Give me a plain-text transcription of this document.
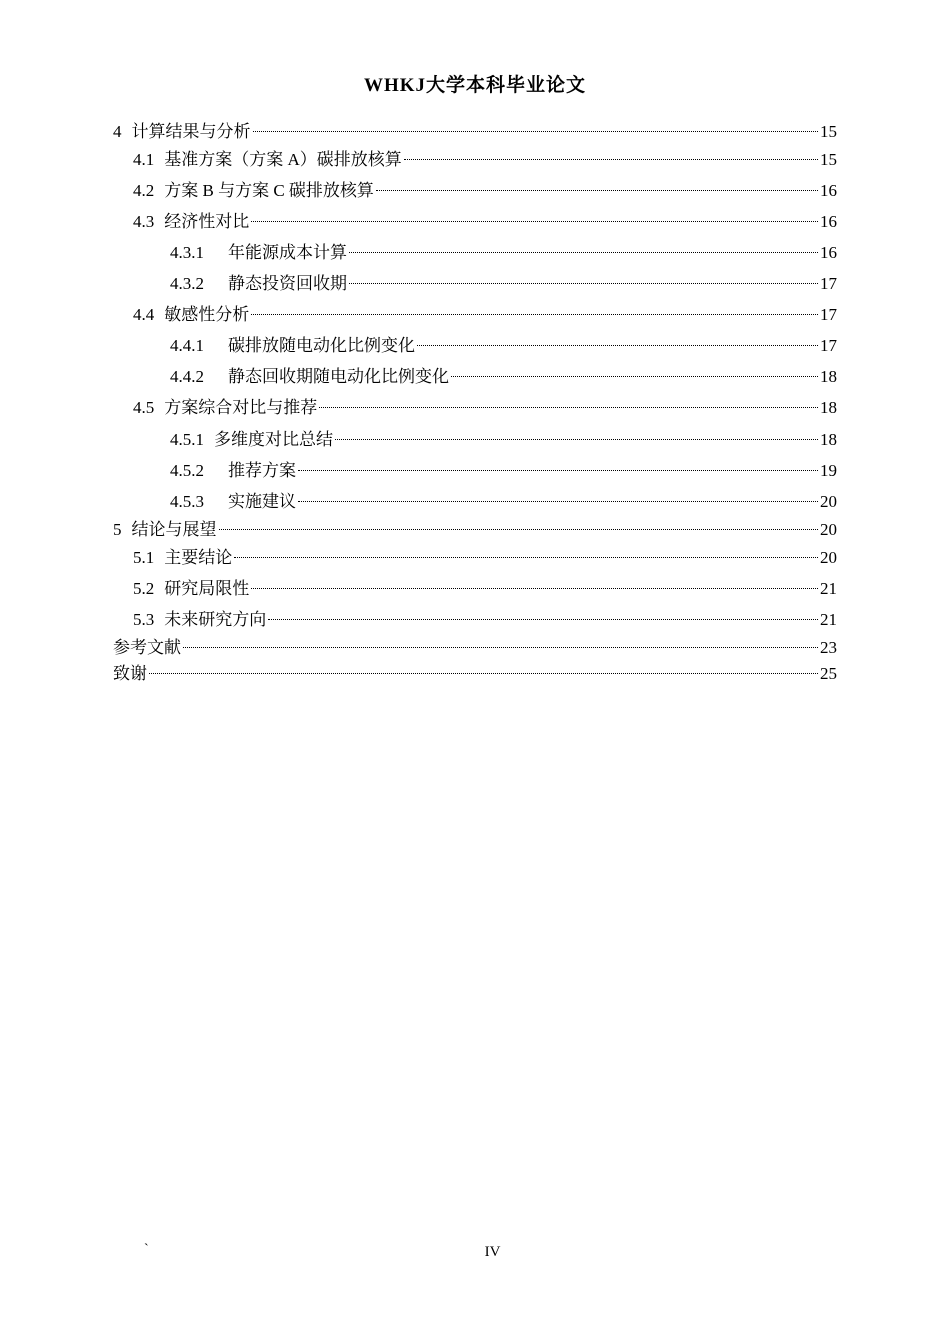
WHKJ大学本科毕业论文
4 计算结果与分析	15
4.1 基准方案（方案 A）碳排放核算	15
4.2 方案 B 与方案 C 碳排放核算	16
4.3 经济性对比	16
4.3.1	年能源成本计算	16
4.3.2	静态投资回收期	17
4.4 敏感性分析	17
4.4.1	碳排放随电动化比例变化	17
4.4.2	静态回收期随电动化比例变化	18
4.5 方案综合对比与推荐	18
4.5.1 多维度对比总结	18
4.5.2	推荐方案	19
4.5.3	实施建议	20
5 结论与展望	20
5.1 主要结论	20
5.2 研究局限性	21
5.3 未来研究方向	21
参考文献	23
致谢	25
`	IV
